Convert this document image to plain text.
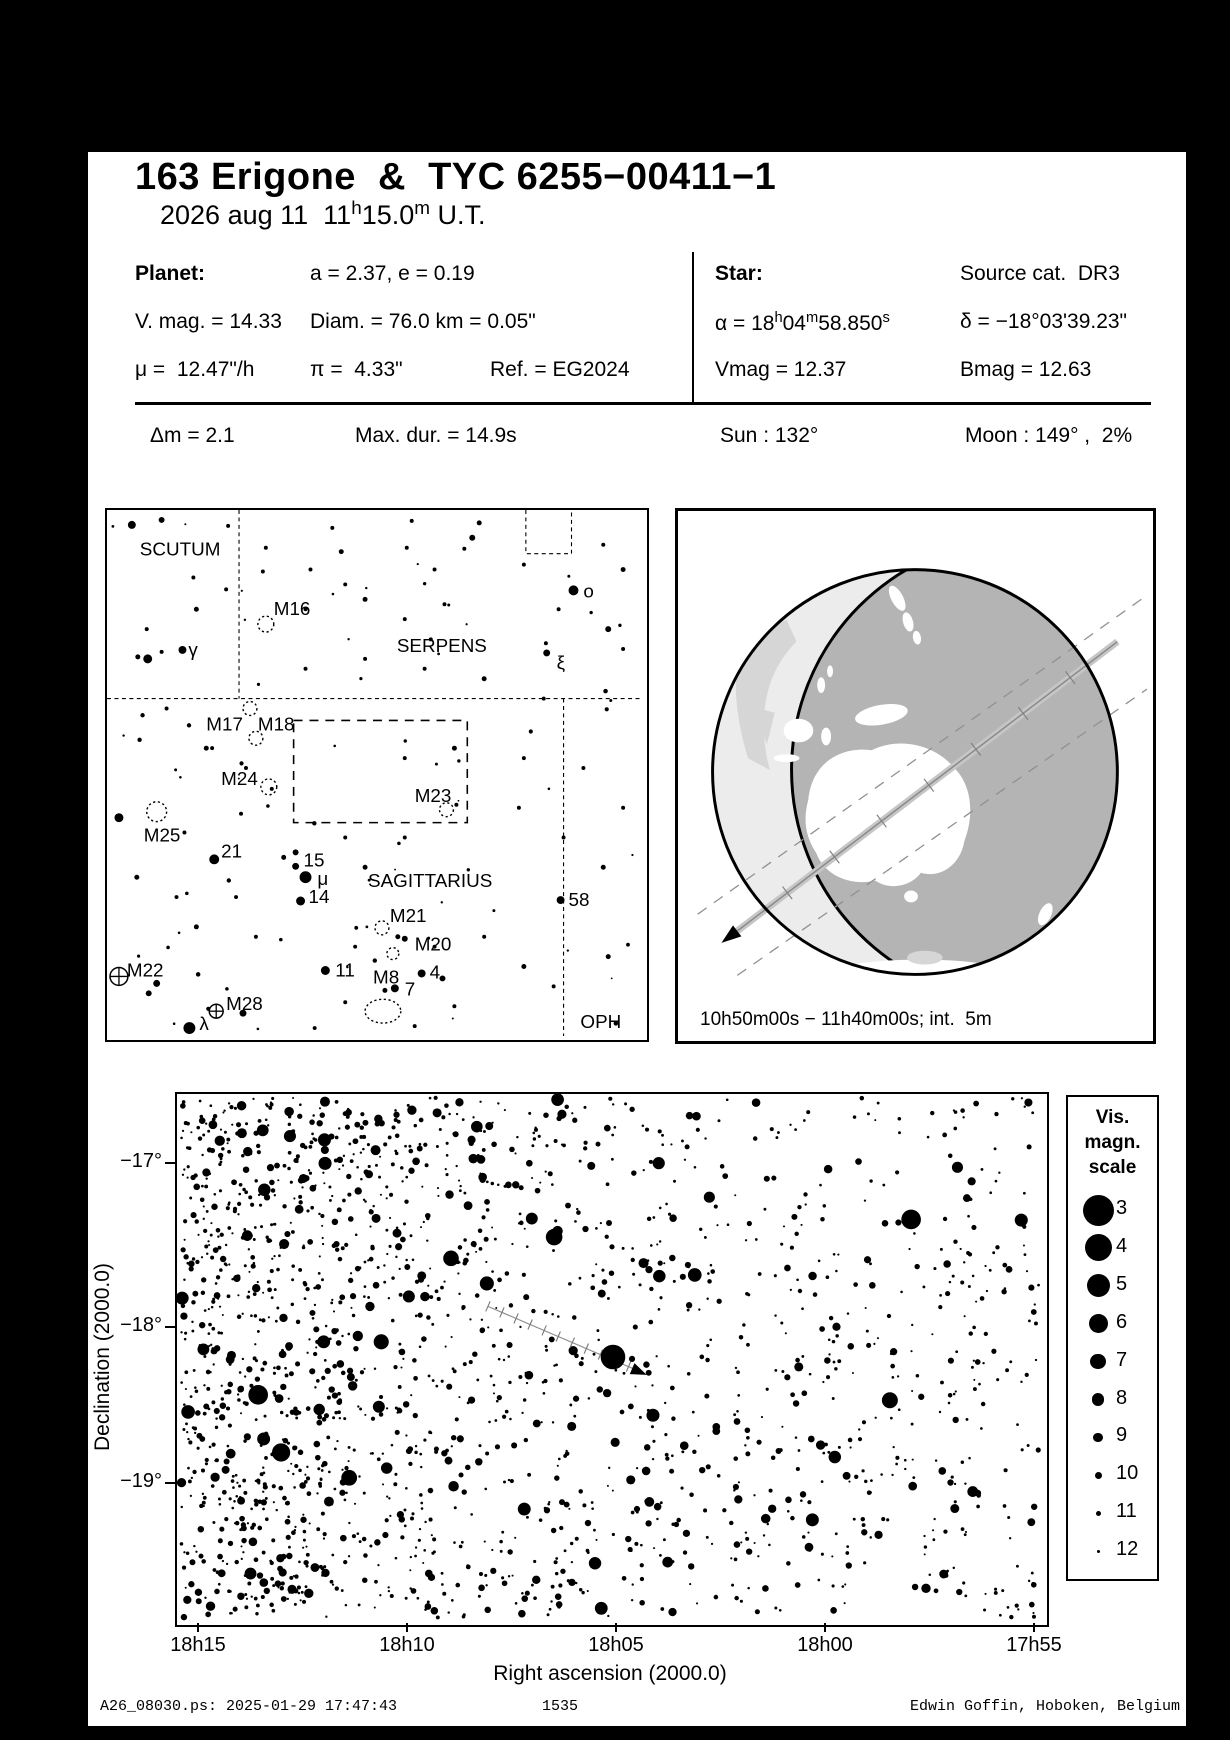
163 Erigone  &  TYC 6255−00411−1
2026 aug 11  11$^h$15.0$^m$ U.T.
Planet:	a = 2.37, e = 0.19	Star:	Source cat.  DR3
V. mag. = 14.33 Diam. = 76.0 km = 0.05"	$\alpha = 18^h04^m58.850^s$	δ = −18°03'39.23"
μ =  12.47"/h	π =  4.33"	Ref. = EG2024	Vmag = 12.37	Bmag = 12.63
Δm = 2.1	Max. dur. = 14.9s	Sun : 132°	Moon : 149° ,  2%
SCUTUM
SERPENS
SAGITTARIUS
OPH
M16
M17 M18
M24
M23
M25
M21
M20
M8
M22
M28
21	15
μ
14
11
7
4
58
γ
ξ
λ
o
10h50m00s − 11h40m00s; int.  5m
18h15	18h10	18h05	18h00	17h55
−17°
−18°
−19°
Right ascension (2000.0)
Declination (2000.0)
Vis.
magn.
scale
3
4
5
6
7
8
9
10
11
12
A26_08030.ps: 2025-01-29 17:47:43	1535	Edwin Goffin, Hoboken, Belgium
